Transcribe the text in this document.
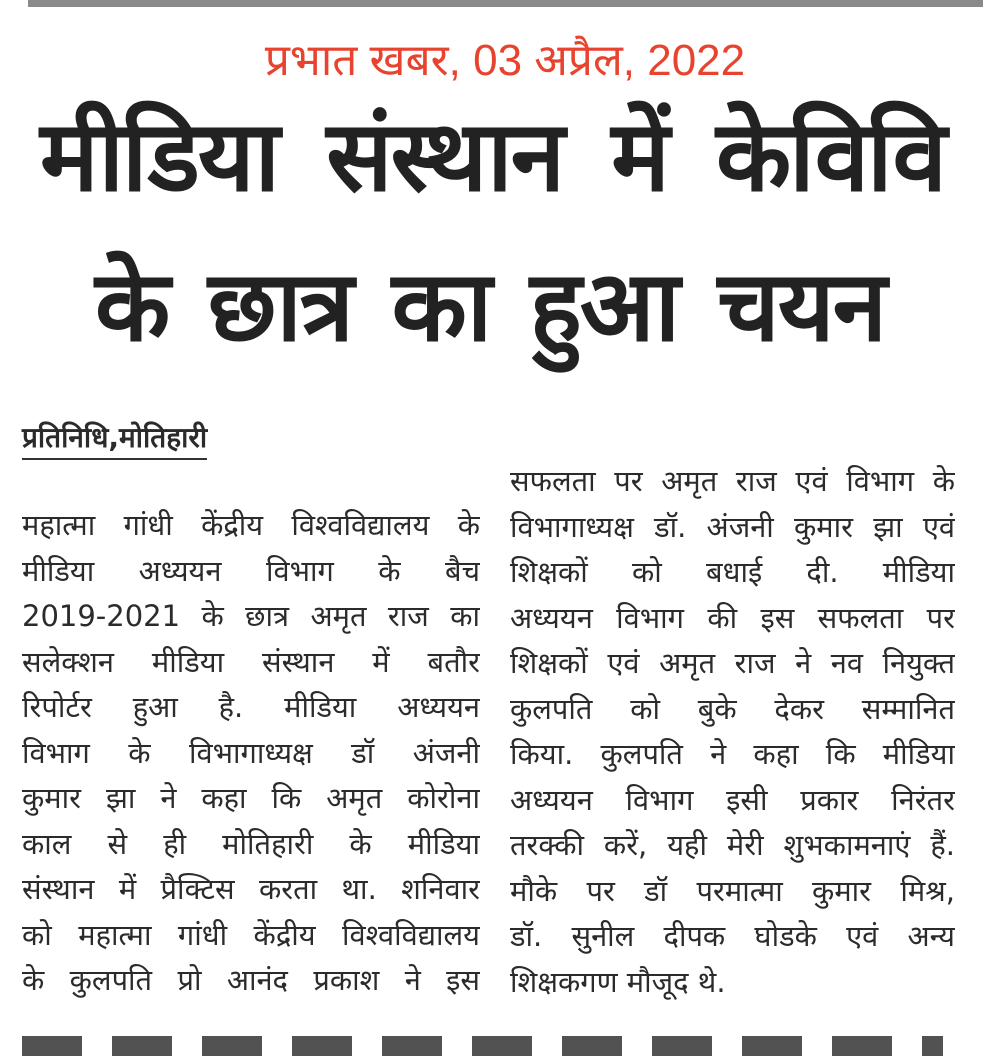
प्रभात खबर, 03 अप्रैल, 2022
मीडिया संस्थान में केविवि
के छात्र का हुआ चयन
प्रतिनिधि,मोतिहारी
महात्मा गांधी केंद्रीय विश्वविद्यालय के
मीडिया अध्ययन विभाग के बैच
2019-2021 के छात्र अमृत राज का
सलेक्शन मीडिया संस्थान में बतौर
रिपोर्टर हुआ है. मीडिया अध्ययन
विभाग के विभागाध्यक्ष डॉ अंजनी
कुमार झा ने कहा कि अमृत कोरोना
काल से ही मोतिहारी के मीडिया
संस्थान में प्रैक्टिस करता था. शनिवार
को महात्मा गांधी केंद्रीय विश्वविद्यालय
के कुलपति प्रो आनंद प्रकाश ने इस
सफलता पर अमृत राज एवं विभाग के
विभागाध्यक्ष डॉ. अंजनी कुमार झा एवं
शिक्षकों को बधाई दी. मीडिया
अध्ययन विभाग की इस सफलता पर
शिक्षकों एवं अमृत राज ने नव नियुक्त
कुलपति को बुके देकर सम्मानित
किया. कुलपति ने कहा कि मीडिया
अध्ययन विभाग इसी प्रकार निरंतर
तरक्की करें, यही मेरी शुभकामनाएं हैं.
मौके पर डॉ परमात्मा कुमार मिश्र,
डॉ. सुनील दीपक घोडके एवं अन्य
शिक्षकगण मौजूद थे.
